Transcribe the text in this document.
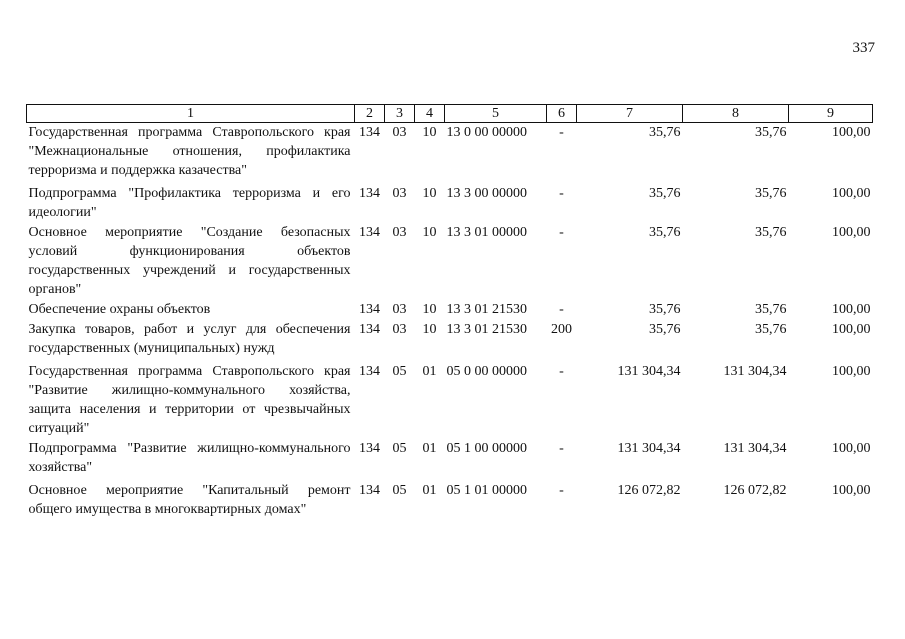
337
1	2	3	4	5	6	7	8	9
Государственная программа Ставропольского края "Межнациональные отношения, профилактика терроризма и поддержка казачества"	134	03	10	13 0 00 00000	-	35,76	35,76	100,00
Подпрограмма "Профилактика терроризма и его идеологии"	134	03	10	13 3 00 00000	-	35,76	35,76	100,00
Основное мероприятие "Создание безопасных условий функционирования объектов государственных учреждений и государственных органов"	134	03	10	13 3 01 00000	-	35,76	35,76	100,00
Обеспечение охраны объектов	134	03	10	13 3 01 21530	-	35,76	35,76	100,00
Закупка товаров, работ и услуг для обеспечения государственных (муниципальных) нужд	134	03	10	13 3 01 21530	200	35,76	35,76	100,00
Государственная программа Ставропольского края "Развитие жилищно-коммунального хозяйства, защита населения и территории от чрезвычайных ситуаций"	134	05	01	05 0 00 00000	-	131 304,34	131 304,34	100,00
Подпрограмма "Развитие жилищно-коммунального хозяйства"	134	05	01	05 1 00 00000	-	131 304,34	131 304,34	100,00
Основное мероприятие "Капитальный ремонт общего имущества в многоквартирных домах"	134	05	01	05 1 01 00000	-	126 072,82	126 072,82	100,00
